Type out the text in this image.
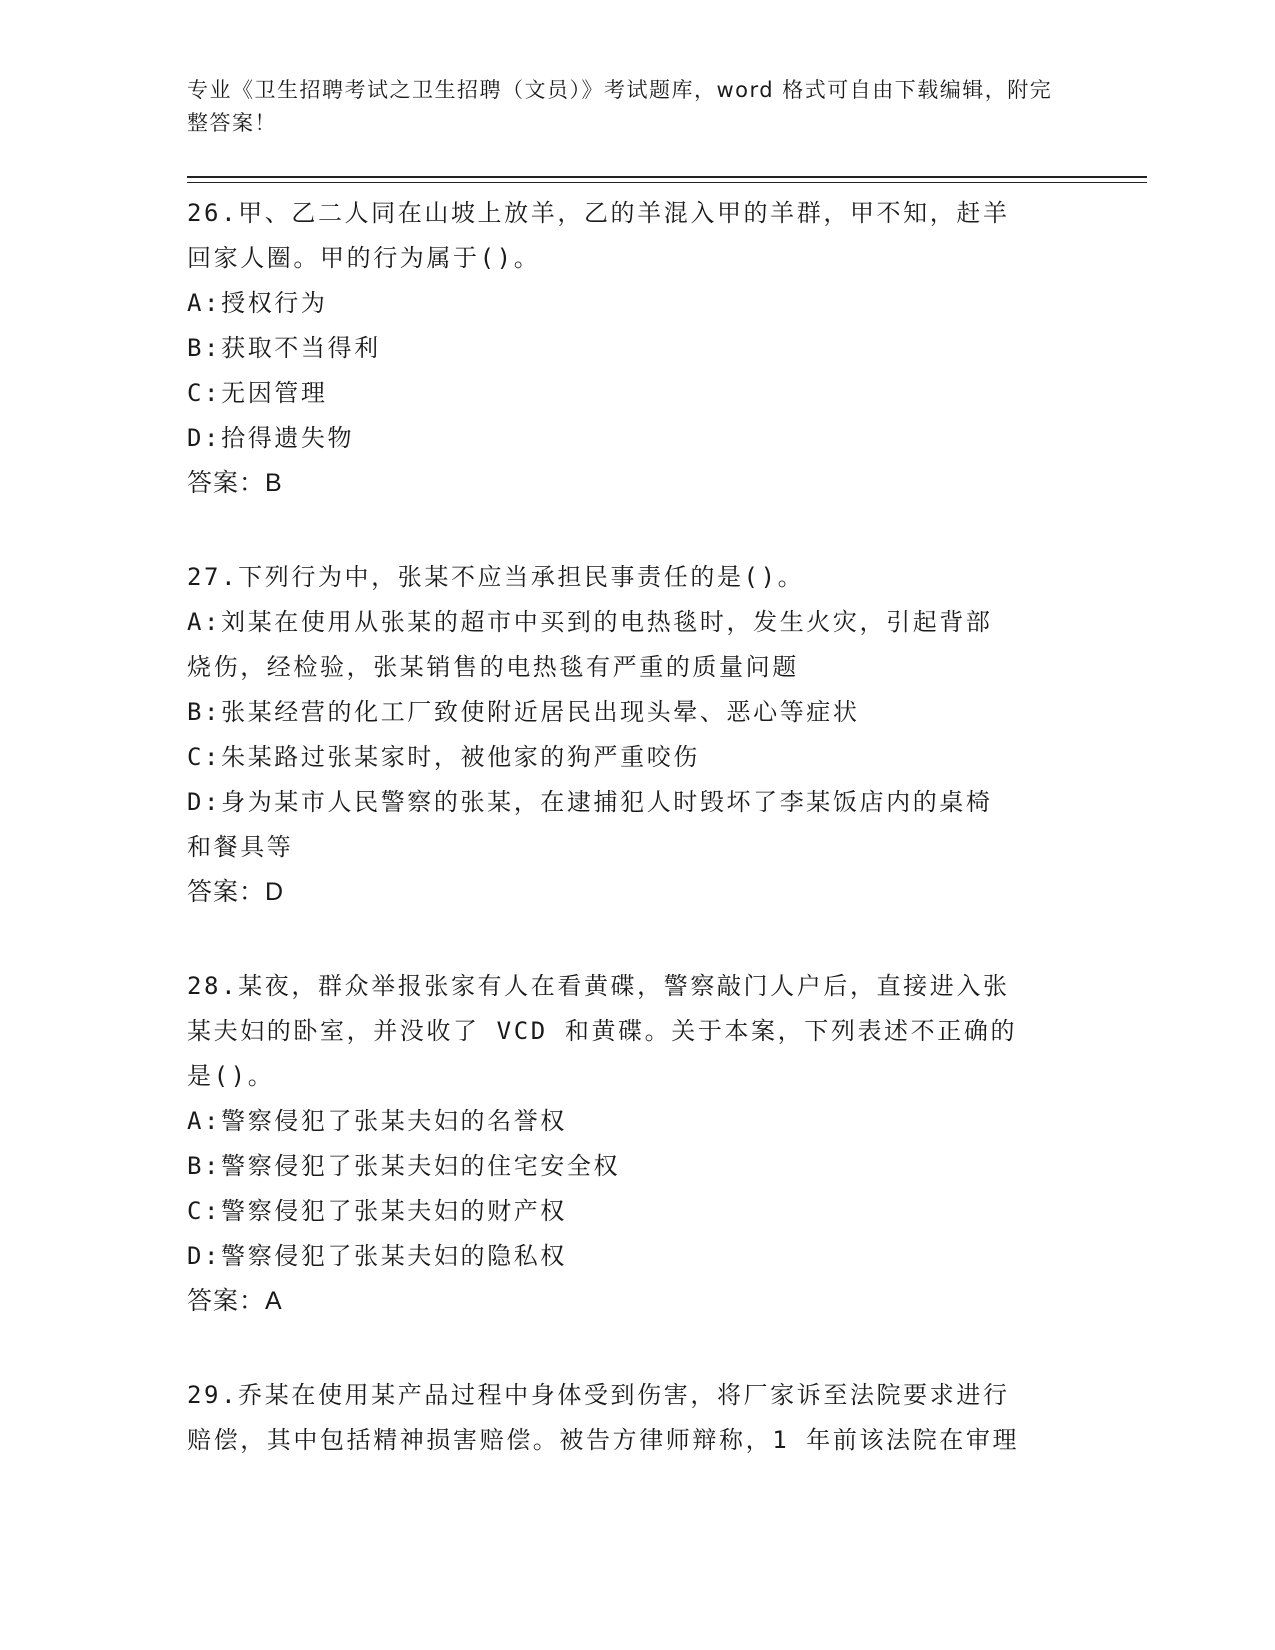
专业《卫生招聘考试之卫生招聘（文员）》考试题库，word 格式可自由下载编辑，附完整答案！
26.甲、乙二人同在山坡上放羊，乙的羊混入甲的羊群，甲不知，赶羊
回家人圈。甲的行为属于()。
A: 授权行为
B: 获取不当得利
C: 无因管理
D: 拾得遗失物
答案：B
27.下列行为中，张某不应当承担民事责任的是()。
A: 刘某在使用从张某的超市中买到的电热毯时，发生火灾，引起背部
烧伤，经检验，张某销售的电热毯有严重的质量问题
B: 张某经营的化工厂致使附近居民出现头晕、恶心等症状
C: 朱某路过张某家时，被他家的狗严重咬伤
D: 身为某市人民警察的张某，在逮捕犯人时毁坏了李某饭店内的桌椅
和餐具等
答案：D
28.某夜，群众举报张家有人在看黄碟，警察敲门人户后，直接进入张
某夫妇的卧室，并没收了 VCD 和黄碟。关于本案，下列表述不正确的
是()。
A: 警察侵犯了张某夫妇的名誉权
B: 警察侵犯了张某夫妇的住宅安全权
C: 警察侵犯了张某夫妇的财产权
D: 警察侵犯了张某夫妇的隐私权
答案：A
29.乔某在使用某产品过程中身体受到伤害，将厂家诉至法院要求进行
赔偿，其中包括精神损害赔偿。被告方律师辩称，1 年前该法院在审理
